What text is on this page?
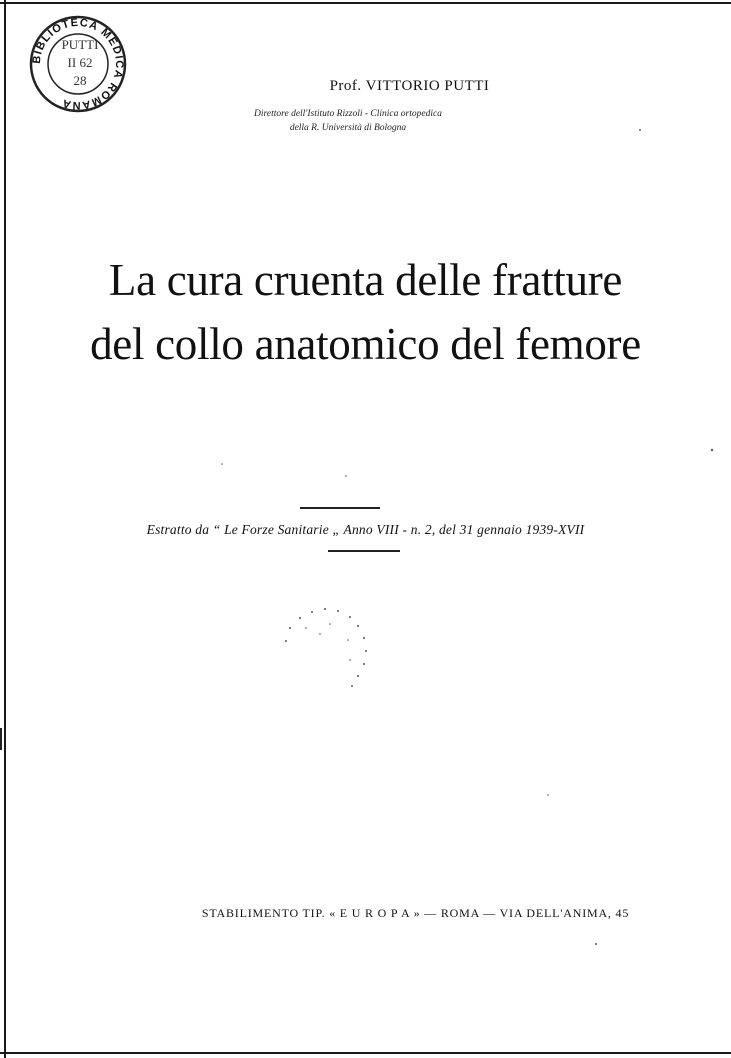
BIBLIOTECA MEDICA ROMANA
PUTTI
II 62
28	Prof. VITTORIO PUTTI
Direttore dell'Istituto Rizzoli - Clinica ortopedica
della R. Università di Bologna
La cura cruenta delle fratture
del collo anatomico del femore
Estratto da “ Le Forze Sanitarie „ Anno VIII - n. 2, del 31 gennaio 1939-XVII
STABILIMENTO TIP. « E U R O P A » — ROMA — VIA DELL'ANIMA, 45
